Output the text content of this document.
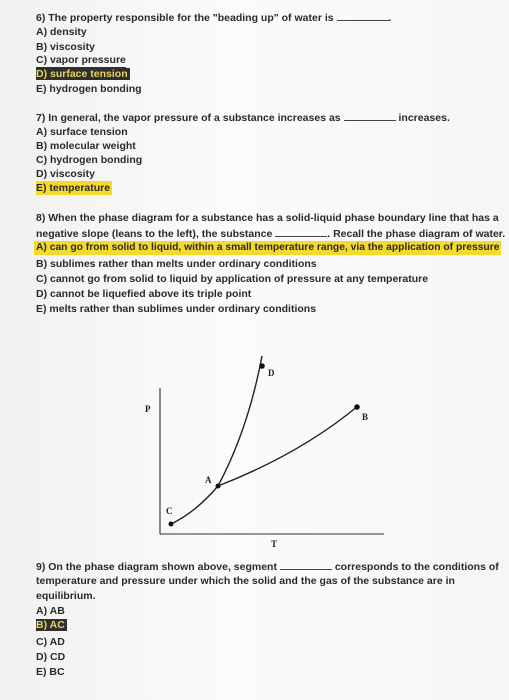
6) The property responsible for the "beading up" of water is	.
A) density
B) viscosity
C) vapor pressure
D) surface tension
E) hydrogen bonding
7) In general, the vapor pressure of a substance increases as	increases.
A) surface tension
B) molecular weight
C) hydrogen bonding
D) viscosity
E) temperature
8) When the phase diagram for a substance has a solid-liquid phase boundary line that has a
negative slope (leans to the left), the substance	. Recall the phase diagram of water.
A) can go from solid to liquid, within a small temperature range, via the application of pressure
B) sublimes rather than melts under ordinary conditions
C) cannot go from solid to liquid by application of pressure at any temperature
D) cannot be liquefied above its triple point
E) melts rather than sublimes under ordinary conditions
P
T
A
B
C
D
9) On the phase diagram shown above, segment	corresponds to the conditions of
temperature and pressure under which the solid and the gas of the substance are in
equilibrium.
A) AB
B) AC
C) AD
D) CD
E) BC
